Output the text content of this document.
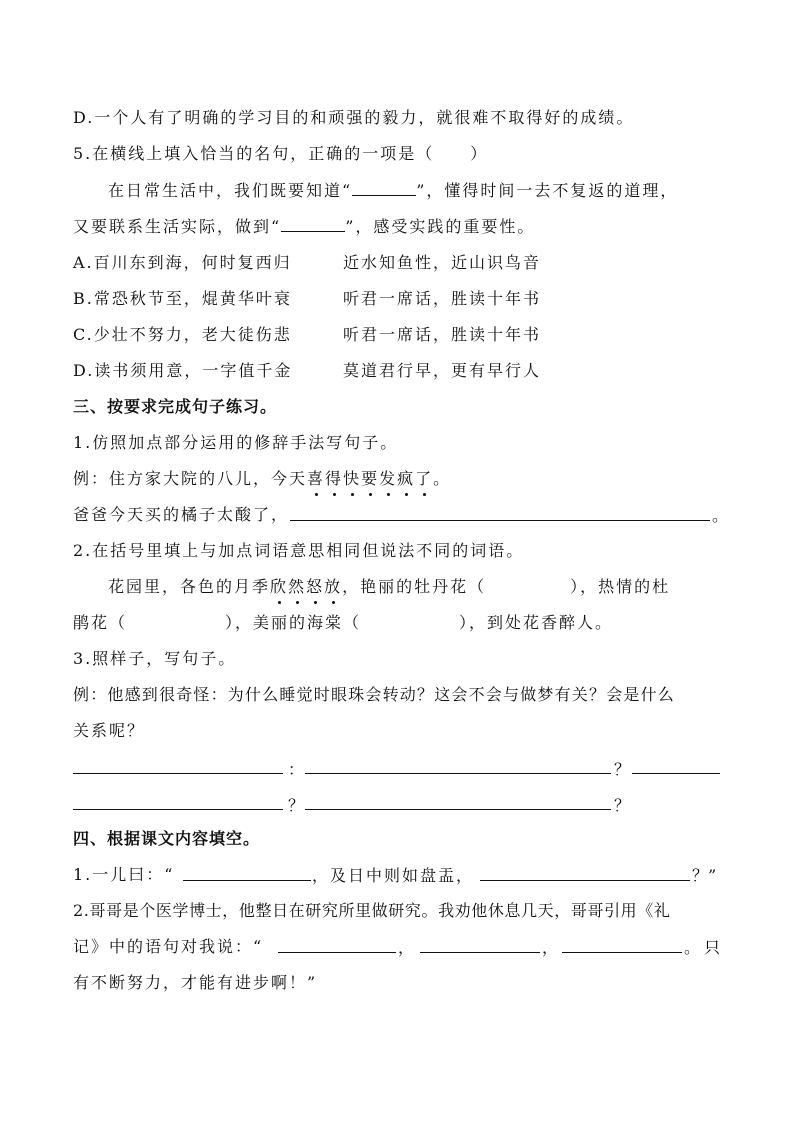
D.一个人有了明确的学习目的和顽强的毅力，就很难不取得好的成绩。
5.在横线上填入恰当的名句，正确的一项是（　　）
在日常生活中，我们既要知道“	”，懂得时间一去不复返的道理，
又要联系生活实际，做到“	”，感受实践的重要性。
A.百川东到海，何时复西归	近水知鱼性，近山识鸟音
B.常恐秋节至，焜黄华叶衰	听君一席话，胜读十年书
C.少壮不努力，老大徒伤悲	听君一席话，胜读十年书
D.读书须用意，一字值千金	莫道君行早，更有早行人
三、按要求完成句子练习。
1.仿照加点部分运用的修辞手法写句子。
例：住方家大院的八儿，今天喜得快要发疯了。
爸爸今天买的橘子太酸了，	。
2.在括号里填上与加点词语意思相同但说法不同的词语。
花园里，各色的月季欣然怒放，艳丽的牡丹花（	），热情的杜
鹃花（	），美丽的海棠（	），到处花香醉人。
3.照样子，写句子。
例：他感到很奇怪：为什么睡觉时眼珠会转动？这会不会与做梦有关？会是什么
关系呢？
：	？
？	？
四、根据课文内容填空。
1.一儿曰：“	，及日中则如盘盂，	？”
2.哥哥是个医学博士，他整日在研究所里做研究。我劝他休息几天，哥哥引用《礼
记》中的语句对我说：“	，	，	。只
有不断努力，才能有进步啊！”
